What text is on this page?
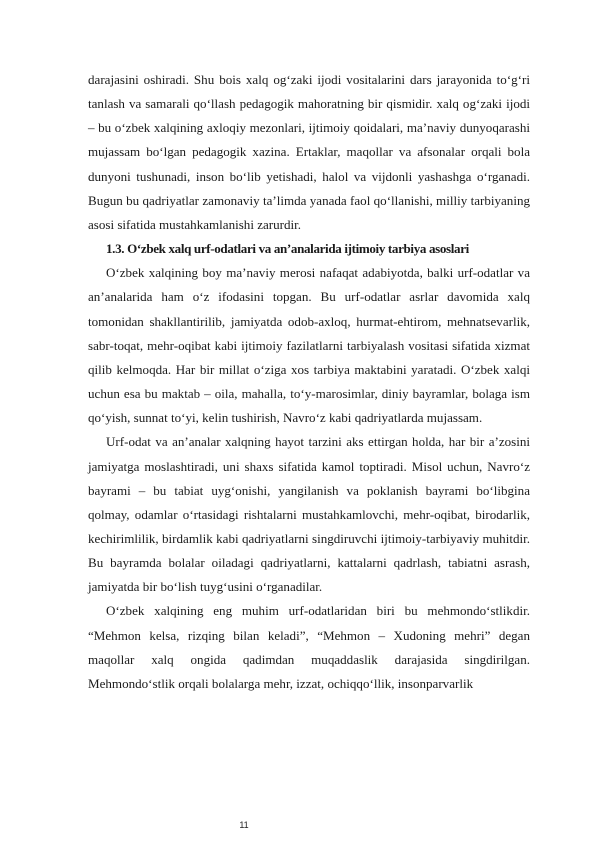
darajasini oshiradi. Shu bois xalq og‘zaki ijodi vositalarini dars jarayonida to‘g‘ri tanlash va samarali qo‘llash pedagogik mahoratning bir qismidir. xalq og‘zaki ijodi – bu o‘zbek xalqining axloqiy mezonlari, ijtimoiy qoidalari, ma’naviy dunyoqarashi mujassam bo‘lgan pedagogik xazina. Ertaklar, maqollar va afsonalar orqali bola dunyoni tushunadi, inson bo‘lib yetishadi, halol va vijdonli yashashga o‘rganadi. Bugun bu qadriyatlar zamonaviy ta’limda yanada faol qo‘llanishi, milliy tarbiyaning asosi sifatida mustahkamlanishi zarurdir.

1.3. O‘zbek xalq urf-odatlari va an’analarida ijtimoiy tarbiya asoslari

O‘zbek xalqining boy ma’naviy merosi nafaqat adabiyotda, balki urf-odatlar va an’analarida ham o‘z ifodasini topgan. Bu urf-odatlar asrlar davomida xalq tomonidan shakllantirilib, jamiyatda odob-axloq, hurmat-ehtirom, mehnatsevarlik, sabr-toqat, mehr-oqibat kabi ijtimoiy fazilatlarni tarbiyalash vositasi sifatida xizmat qilib kelmoqda. Har bir millat o‘ziga xos tarbiya maktabini yaratadi. O‘zbek xalqi uchun esa bu maktab – oila, mahalla, to‘y-marosimlar, diniy bayramlar, bolaga ism qo‘yish, sunnat to‘yi, kelin tushirish, Navro‘z kabi qadriyatlarda mujassam.

Urf-odat va an’analar xalqning hayot tarzini aks ettirgan holda, har bir a’zosini jamiyatga moslashtiradi, uni shaxs sifatida kamol toptiradi. Misol uchun, Navro‘z bayrami – bu tabiat uyg‘onishi, yangilanish va poklanish bayrami bo‘libgina qolmay, odamlar o‘rtasidagi rishtalarni mustahkamlovchi, mehr-oqibat, birodarlik, kechirimlilik, birdamlik kabi qadriyatlarni singdiruvchi ijtimoiy-tarbiyaviy muhitdir. Bu bayramda bolalar oiladagi qadriyatlarni, kattalarni qadrlash, tabiatni asrash, jamiyatda bir bo‘lish tuyg‘usini o‘rganadilar.

O‘zbek xalqining eng muhim urf-odatlaridan biri bu mehmondo‘stlikdir. “Mehmon kelsa, rizqing bilan keladi”, “Mehmon – Xudoning mehri” degan maqollar xalq ongida qadimdan muqaddaslik darajasida singdirilgan. Mehmondo‘stlik orqali bolalarga mehr, izzat, ochiqqo‘llik, insonparvarlik

11
